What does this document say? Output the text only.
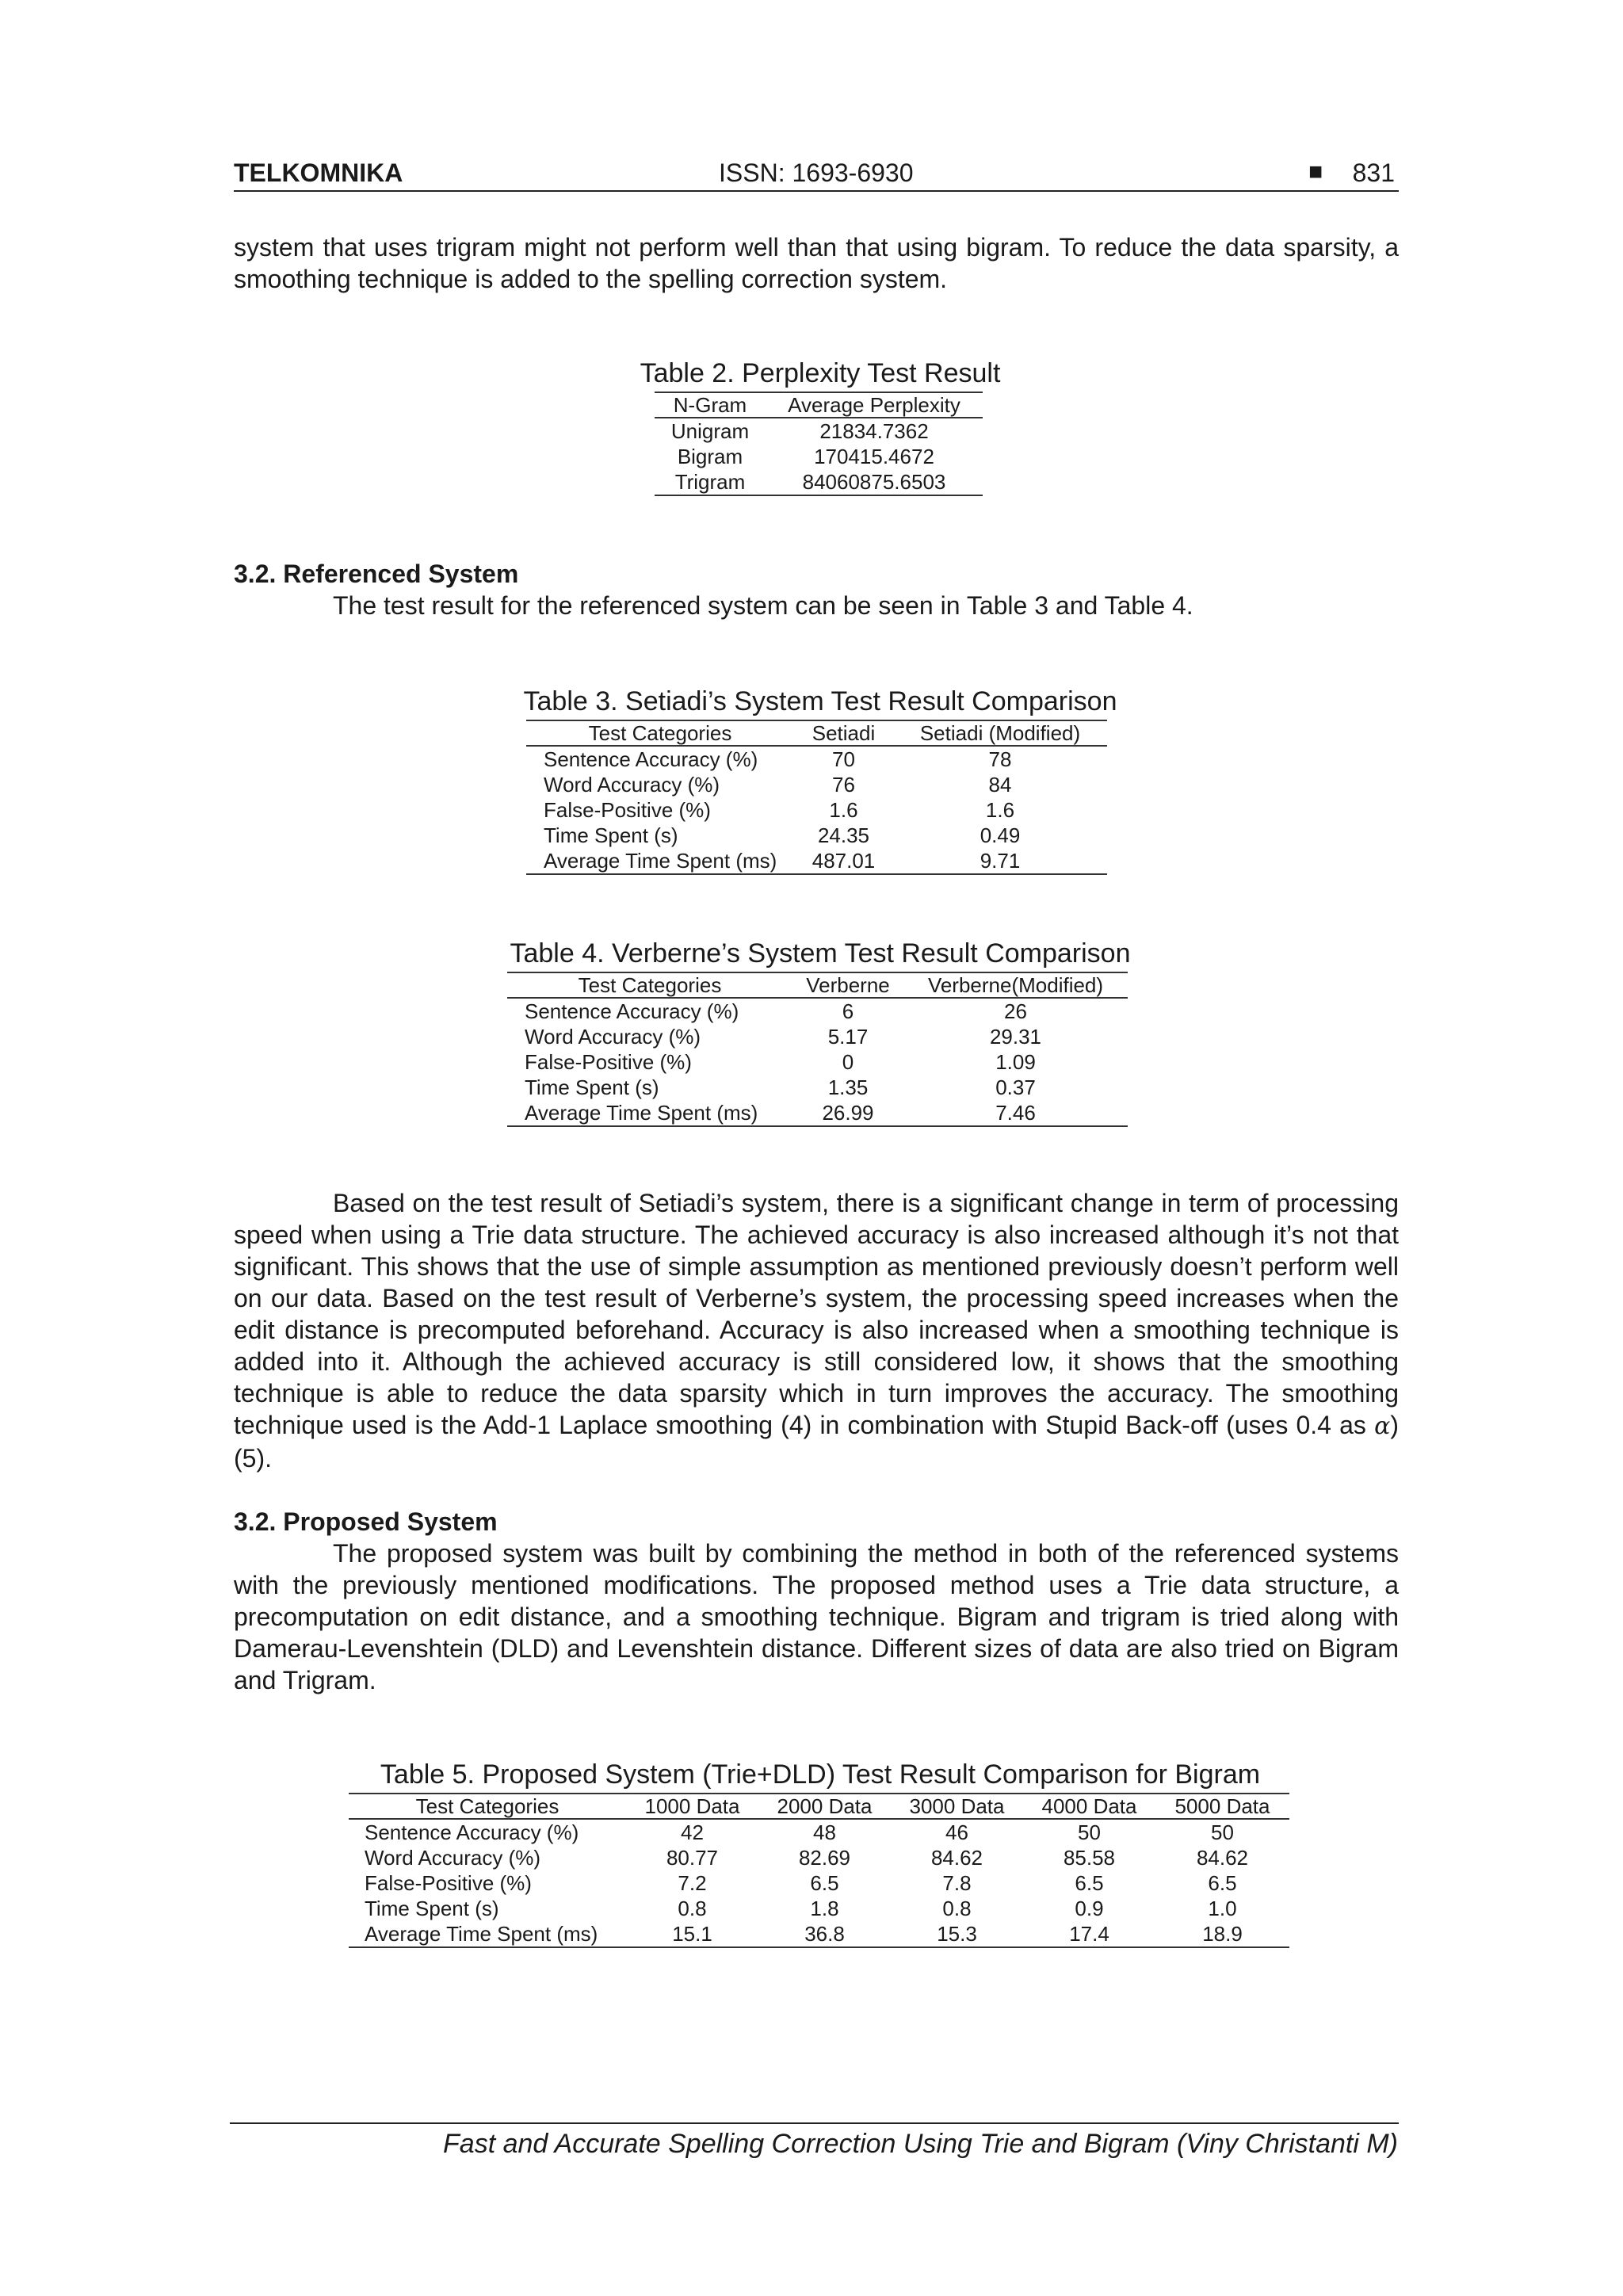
TELKOMNIKA	ISSN: 1693-6930	■ 831
system that uses trigram might not perform well than that using bigram. To reduce the data sparsity, a smoothing technique is added to the spelling correction system.
Table 2. Perplexity Test Result
N-Gram	Average Perplexity
Unigram	21834.7362
Bigram	170415.4672
Trigram	84060875.6503
3.2. Referenced System
The test result for the referenced system can be seen in Table 3 and Table 4.
Table 3. Setiadi’s System Test Result Comparison
Test Categories	Setiadi	Setiadi (Modified)
Sentence Accuracy (%)	70	78
Word Accuracy (%)	76	84
False-Positive (%)	1.6	1.6
Time Spent (s)	24.35	0.49
Average Time Spent (ms)	487.01	9.71
Table 4. Verberne’s System Test Result Comparison
Test Categories	Verberne	Verberne(Modified)
Sentence Accuracy (%)	6	26
Word Accuracy (%)	5.17	29.31
False-Positive (%)	0	1.09
Time Spent (s)	1.35	0.37
Average Time Spent (ms)	26.99	7.46
Based on the test result of Setiadi’s system, there is a significant change in term of processing speed when using a Trie data structure. The achieved accuracy is also increased although it’s not that significant. This shows that the use of simple assumption as mentioned previously doesn’t perform well on our data. Based on the test result of Verberne’s system, the processing speed increases when the edit distance is precomputed beforehand. Accuracy is also increased when a smoothing technique is added into it. Although the achieved accuracy is still considered low, it shows that the smoothing technique is able to reduce the data sparsity which in turn improves the accuracy. The smoothing technique used is the Add-1 Laplace smoothing (4) in combination with Stupid Back-off (uses 0.4 as α) (5).
3.2. Proposed System
The proposed system was built by combining the method in both of the referenced systems with the previously mentioned modifications. The proposed method uses a Trie data structure, a precomputation on edit distance, and a smoothing technique. Bigram and trigram is tried along with Damerau-Levenshtein (DLD) and Levenshtein distance. Different sizes of data are also tried on Bigram and Trigram.
Table 5. Proposed System (Trie+DLD) Test Result Comparison for Bigram
Test Categories	1000 Data	2000 Data	3000 Data	4000 Data	5000 Data
Sentence Accuracy (%)	42	48	46	50	50
Word Accuracy (%)	80.77	82.69	84.62	85.58	84.62
False-Positive (%)	7.2	6.5	7.8	6.5	6.5
Time Spent (s)	0.8	1.8	0.8	0.9	1.0
Average Time Spent (ms)	15.1	36.8	15.3	17.4	18.9
Fast and Accurate Spelling Correction Using Trie and Bigram (Viny Christanti M)
